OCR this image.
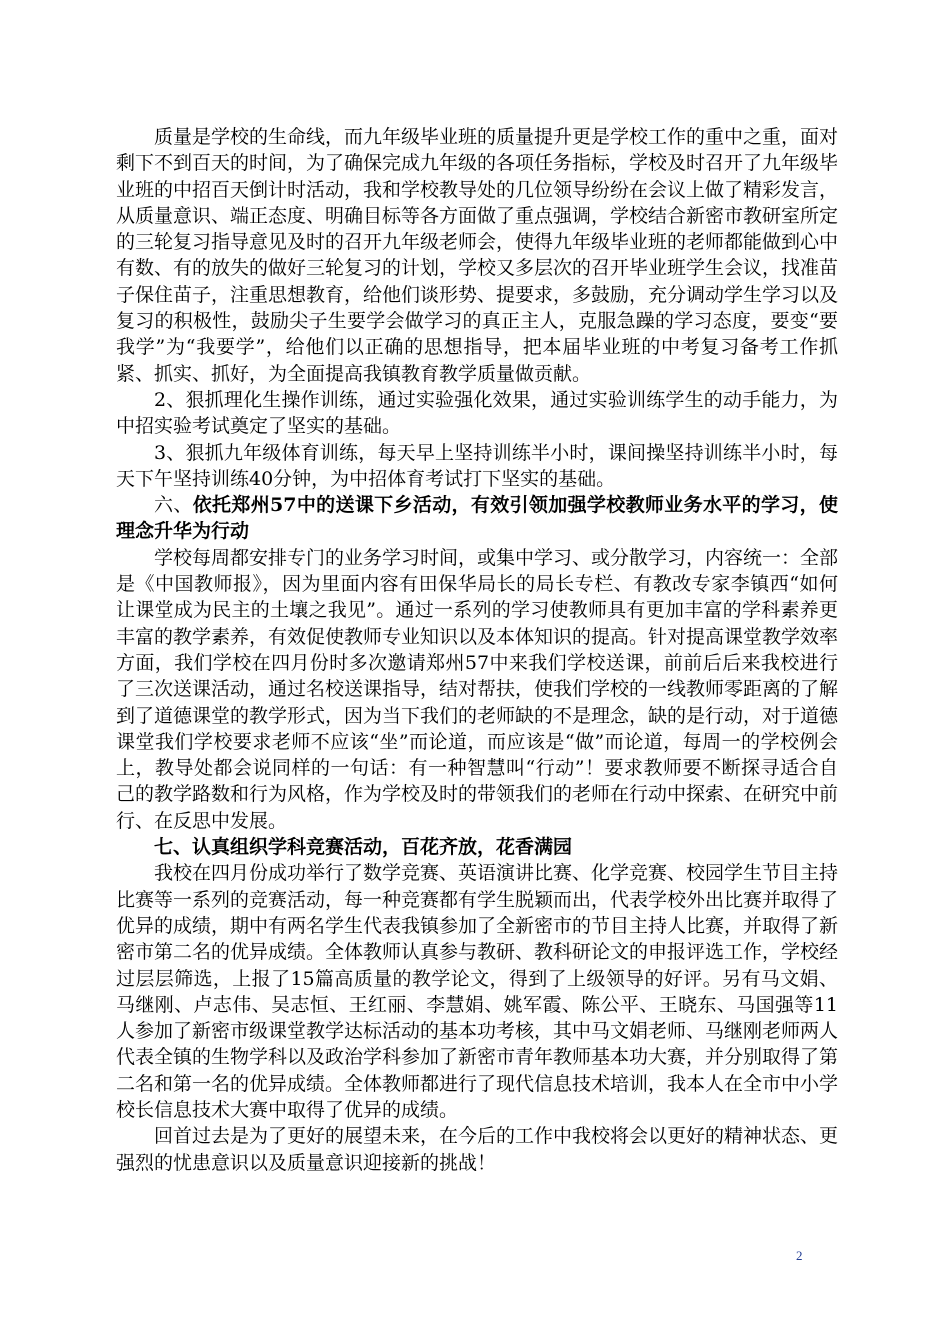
质量是学校的生命线，而九年级毕业班的质量提升更是学校工作的重中之重，面对剩下不到百天的时间，为了确保完成九年级的各项任务指标，学校及时召开了九年级毕业班的中招百天倒计时活动，我和学校教导处的几位领导纷纷在会议上做了精彩发言，从质量意识、端正态度、明确目标等各方面做了重点强调，学校结合新密市教研室所定的三轮复习指导意见及时的召开九年级老师会，使得九年级毕业班的老师都能做到心中有数、有的放失的做好三轮复习的计划，学校又多层次的召开毕业班学生会议，找准苗子保住苗子，注重思想教育，给他们谈形势、提要求，多鼓励，充分调动学生学习以及复习的积极性，鼓励尖子生要学会做学习的真正主人，克服急躁的学习态度，要变“要我学”为“我要学”，给他们以正确的思想指导，把本届毕业班的中考复习备考工作抓紧、抓实、抓好，为全面提高我镇教育教学质量做贡献。

2、狠抓理化生操作训练，通过实验强化效果，通过实验训练学生的动手能力，为中招实验考试奠定了坚实的基础。

3、狠抓九年级体育训练，每天早上坚持训练半小时，课间操坚持训练半小时，每天下午坚持训练40分钟，为中招体育考试打下坚实的基础。

六、依托郑州57中的送课下乡活动，有效引领加强学校教师业务水平的学习，使理念升华为行动

学校每周都安排专门的业务学习时间，或集中学习、或分散学习，内容统一：全部是《中国教师报》，因为里面内容有田保华局长的局长专栏、有教改专家李镇西“如何让课堂成为民主的土壤之我见”。通过一系列的学习使教师具有更加丰富的学科素养更丰富的教学素养，有效促使教师专业知识以及本体知识的提高。针对提高课堂教学效率方面，我们学校在四月份时多次邀请郑州57中来我们学校送课，前前后后来我校进行了三次送课活动，通过名校送课指导，结对帮扶，使我们学校的一线教师零距离的了解到了道德课堂的教学形式，因为当下我们的老师缺的不是理念，缺的是行动，对于道德课堂我们学校要求老师不应该“坐”而论道，而应该是“做”而论道，每周一的学校例会上，教导处都会说同样的一句话：有一种智慧叫“行动”！要求教师要不断探寻适合自己的教学路数和行为风格，作为学校及时的带领我们的老师在行动中探索、在研究中前行、在反思中发展。

七、认真组织学科竞赛活动，百花齐放，花香满园

我校在四月份成功举行了数学竞赛、英语演讲比赛、化学竞赛、校园学生节目主持比赛等一系列的竞赛活动，每一种竞赛都有学生脱颖而出，代表学校外出比赛并取得了优异的成绩，期中有两名学生代表我镇参加了全新密市的节目主持人比赛，并取得了新密市第二名的优异成绩。全体教师认真参与教研、教科研论文的申报评选工作，学校经过层层筛选，上报了15篇高质量的教学论文，得到了上级领导的好评。另有马文娟、马继刚、卢志伟、吴志恒、王红丽、李慧娟、姚军霞、陈公平、王晓东、马国强等11人参加了新密市级课堂教学达标活动的基本功考核，其中马文娟老师、马继刚老师两人代表全镇的生物学科以及政治学科参加了新密市青年教师基本功大赛，并分别取得了第二名和第一名的优异成绩。全体教师都进行了现代信息技术培训，我本人在全市中小学校长信息技术大赛中取得了优异的成绩。

回首过去是为了更好的展望未来，在今后的工作中我校将会以更好的精神状态、更强烈的忧患意识以及质量意识迎接新的挑战！

2
